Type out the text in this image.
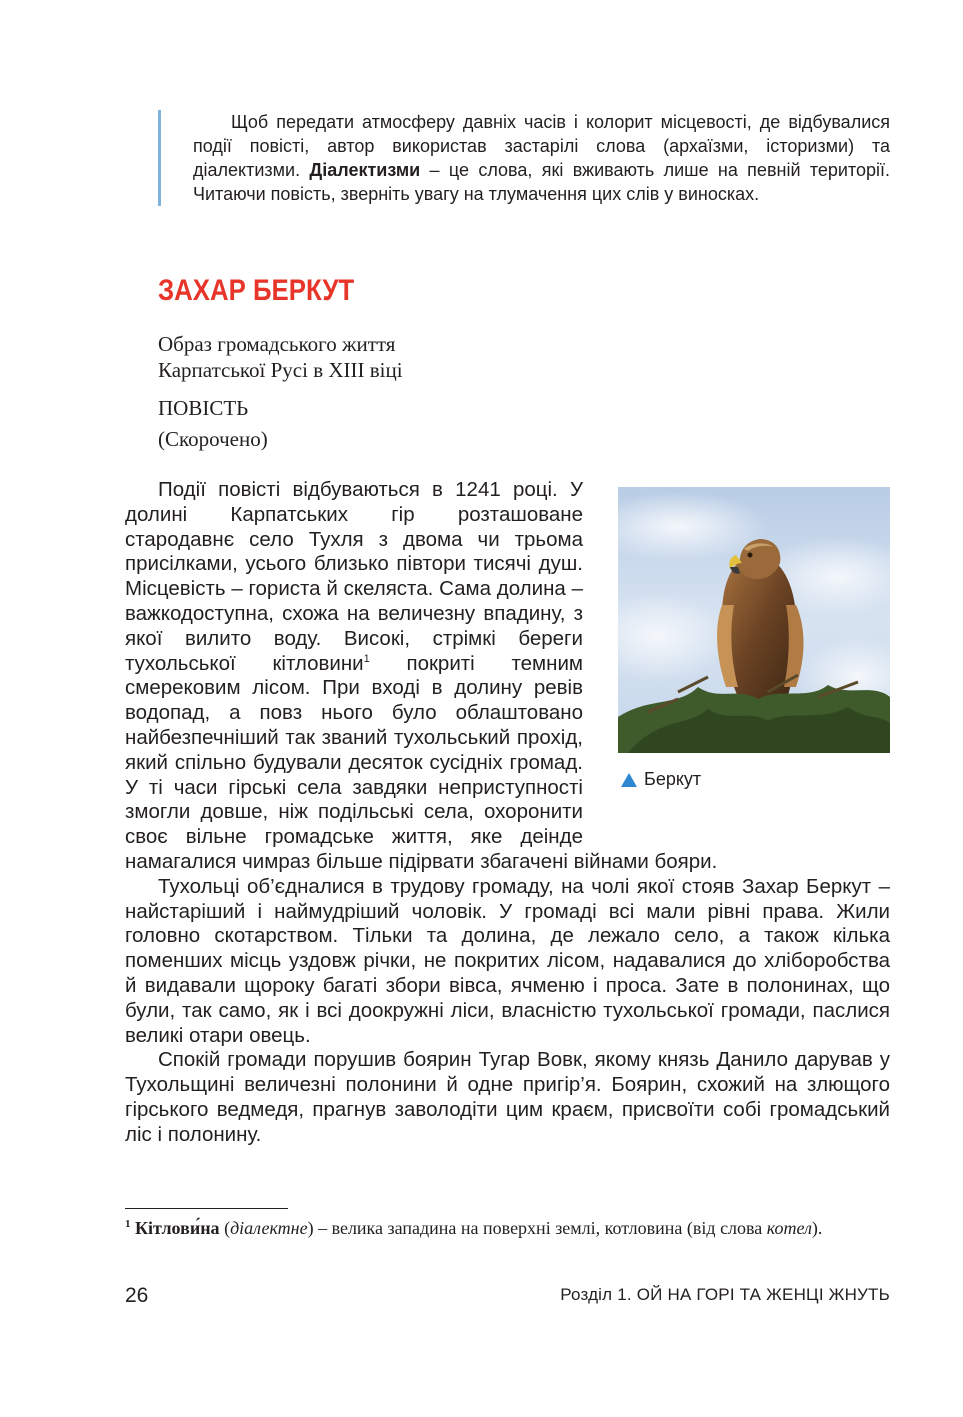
Щоб передати атмосферу давніх часів і колорит місцевості, де відбувалися події повісті, автор використав застарілі слова (архаїзми, історизми) та діалектизми. Діалектизми – це слова, які вживають лише на певній території. Читаючи повість, зверніть увагу на тлумачення цих слів у виносках.

ЗАХАР БЕРКУТ
Образ громадського життя
Карпатської Русі в XIII віці
ПОВІСТЬ
(Скорочено)
Беркут

Події повісті відбуваються в 1241 році. У долині Карпатських гір розташоване стародавнє село Тухля з двома чи трьома присілками, усього близько півтори тисячі душ. Місцевість – гориста й скеляста. Сама долина – важкодоступна, схожа на величезну впадину, з якої вилито воду. Високі, стрімкі береги тухольської кітловини$^1$ покриті темним смерековим лісом. При вході в долину ревів водопад, а повз нього було облаштовано найбезпечніший так званий тухольський прохід, який спільно будували десяток сусідніх громад. У ті часи гірські села завдяки неприступності змогли довше, ніж подільські села, охоронити своє вільне громадське життя, яке деінде намагалися чимраз більше підірвати збагачені війнами бояри.

Тухольці об’єдналися в трудову громаду, на чолі якої стояв Захар Беркут – найстаріший і наймудріший чоловік. У громаді всі мали рівні права. Жили головно скотарством. Тільки та долина, де лежало село, а також кілька поменших місць уздовж річки, не покритих лісом, надавалися до хліборобства й видавали щороку багаті збори вівса, ячменю і проса. Зате в полонинах, що були, так само, як і всі доокружні ліси, власністю тухольської громади, паслися великі отари овець.

Спокій громади порушив боярин Тугар Вовк, якому князь Данило дарував у Тухольщині величезні полонини й одне пригір’я. Боярин, схожий на злющого гірського ведмедя, прагнув заволодіти цим краєм, присвоїти собі громадський ліс і полонину.

$^1$ Кітлови́на (діалектне) – велика западина на поверхні землі, котловина (від слова котел).
26	Розділ 1. ОЙ НА ГОРІ ТА ЖЕНЦІ ЖНУТЬ
